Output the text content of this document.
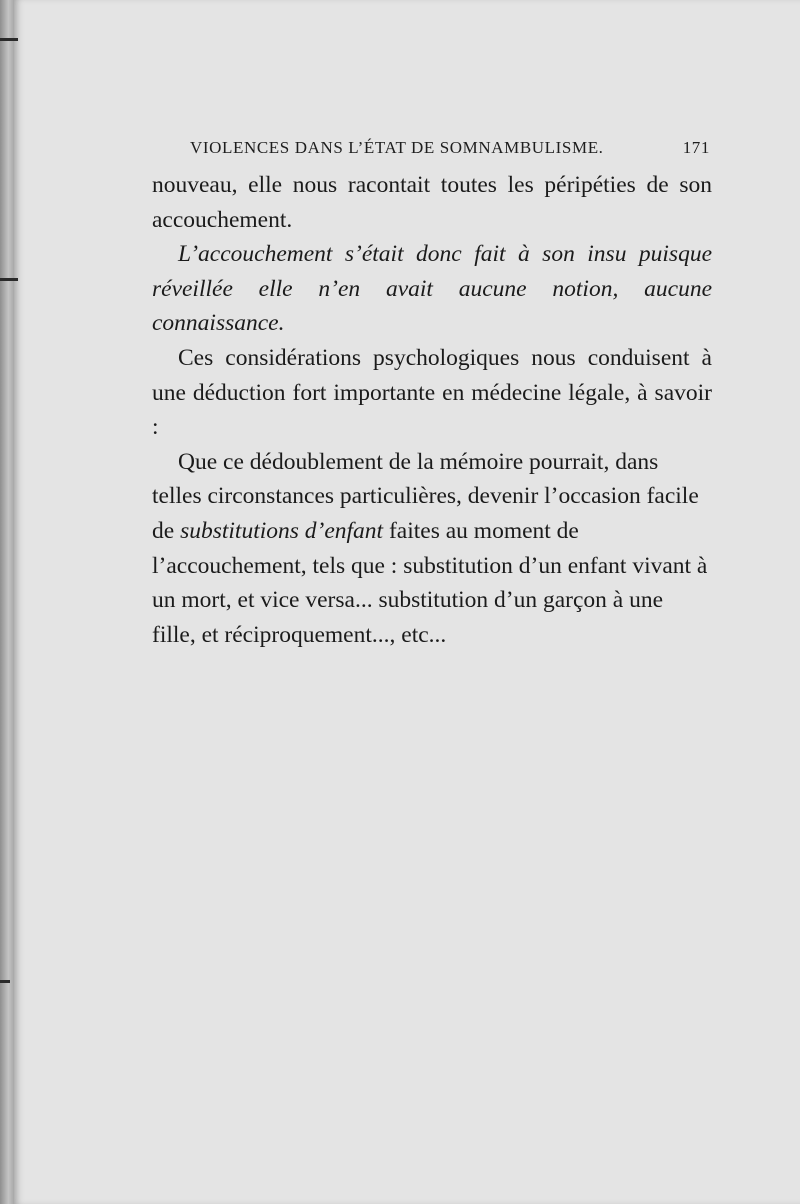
VIOLENCES DANS L’ÉTAT DE SOMNAMBULISME.	171

nouveau, elle nous racontait toutes les péripéties de son accouchement.

L’accouchement s’était donc fait à son insu puisque réveillée elle n’en avait aucune notion, aucune connaissance.

Ces considérations psychologiques nous conduisent à une déduction fort importante en médecine légale, à savoir :

Que ce dédoublement de la mémoire pourrait, dans telles circonstances particulières, devenir l’occasion facile de substitutions d’enfant faites au moment de l’accouchement, tels que : substitution d’un enfant vivant à un mort, et vice versa... substitution d’un garçon à une fille, et réciproquement..., etc...
